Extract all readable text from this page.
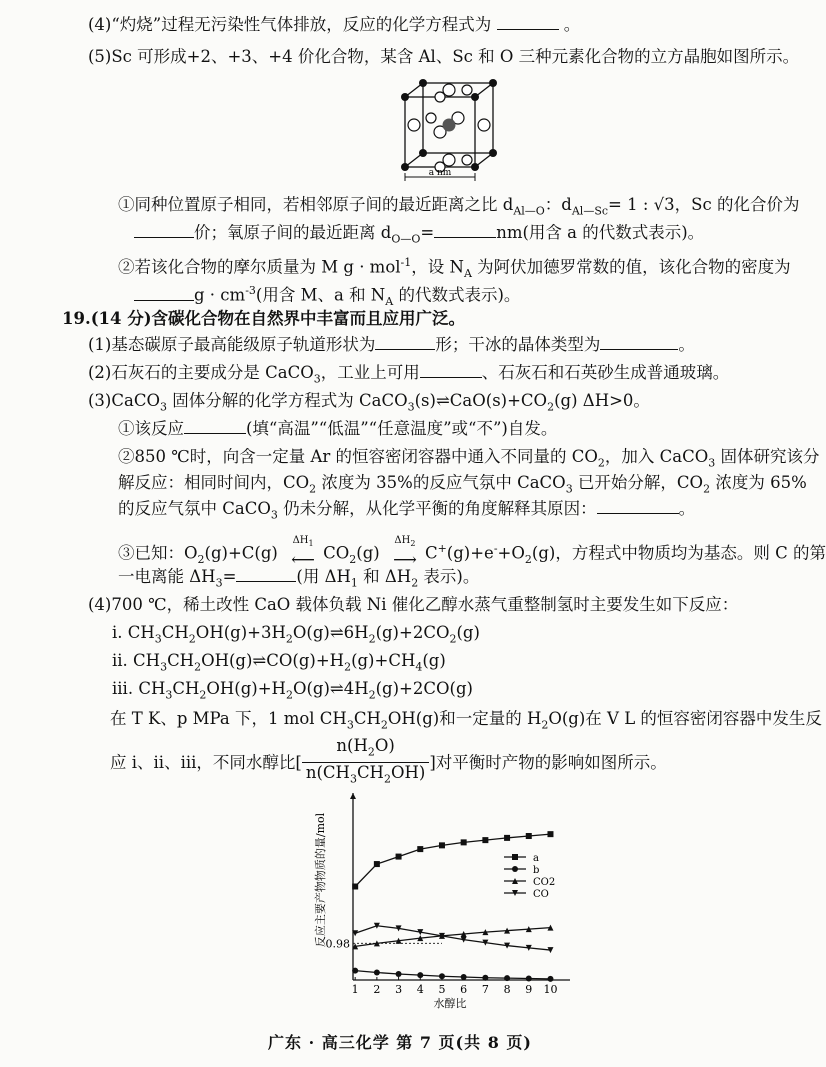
(4)“灼烧”过程无污染性气体排放，反应的化学方程式为	。
(5)Sc 可形成+2、+3、+4 价化合物，某含 Al、Sc 和 O 三种元素化合物的立方晶胞如图所示。
a nm
①同种位置原子相同，若相邻原子间的最近距离之比 $d_{Al—O}$：$d_{Al—Sc}= 1$ : √3，Sc 的化合价为
价；氧原子间的最近距离 $d_{O—O}=$	nm(用含 a 的代数式表示)。
②若该化合物的摩尔质量为 M g · mol$^{-1}$，设 $N_A$ 为阿伏加德罗常数的值，该化合物的密度为
$g \cdot cm^{-3}$(用含 M、a 和 $N_A$ 的代数式表示)。
19.(14 分)含碳化合物在自然界中丰富而且应用广泛。
(1)基态碳原子最高能级原子轨道形状为	形；干冰的晶体类型为	。
(2)石灰石的主要成分是 CaCO$_3$，工业上可用	、石灰石和石英砂生成普通玻璃。
(3)CaCO$_3$ 固体分解的化学方程式为 $CaCO_3(s)\rightleftharpoons CaO(s)+CO_2(g)$ ΔH>0。
①该反应	(填“高温”“低温”“任意温度”或“不”)自发。
②850 ℃时，向含一定量 Ar 的恒容密闭容器中通入不同量的 $CO_2$，加入 CaCO$_3$ 固体研究该分
解反应：相同时间内，$CO_2$ 浓度为 35%的反应气氛中 CaCO$_3$ 已开始分解，$CO_2$ 浓度为 65%
的反应气氛中 CaCO$_3$ 仍未分解，从化学平衡的角度解释其原因：	。
③已知：$O_2(g)+C(g)$
$\Delta H_1$
$⟵CO_2(g)$
$\Delta H_2$
$⟶C^+(g)+e^-+O_2(g)$，方程式中物质均为基态。则 C 的第
一电离能 $\Delta H_3=$	(用 $\Delta H_1$ 和 $\Delta H_2$ 表示)。
(4)700 ℃，稀土改性 CaO 载体负载 Ni 催化乙醇水蒸气重整制氢时主要发生如下反应：
i. $CH_3CH_2OH(g)+3H_2O(g)\rightleftharpoons 6H_2(g)+2CO_2(g)$
ii. $CH_3CH_2OH(g)\rightleftharpoons CO(g)+H_2(g)+CH_4(g)$
iii. $CH_3CH_2OH(g)+H_2O(g)\rightleftharpoons 4H_2(g)+2CO(g)$
在 T K、p MPa 下，1 mol $CH_3CH_2OH(g)$和一定量的 $H_2O(g)$在 V L 的恒容密闭容器中发生反
应 i、ii、iii，不同水醇比[ $\frac{n(H_2O)}{n(CH_3CH_2OH)}$ ]对平衡时产物的影响如图所示。
1 2 3 4 5 6 7 8 9 10
0.98
a
b
CO2
CO
反应主要产物物质的量/mol
水醇比
广东 · 高三化学 第 7 页(共 8 页)
